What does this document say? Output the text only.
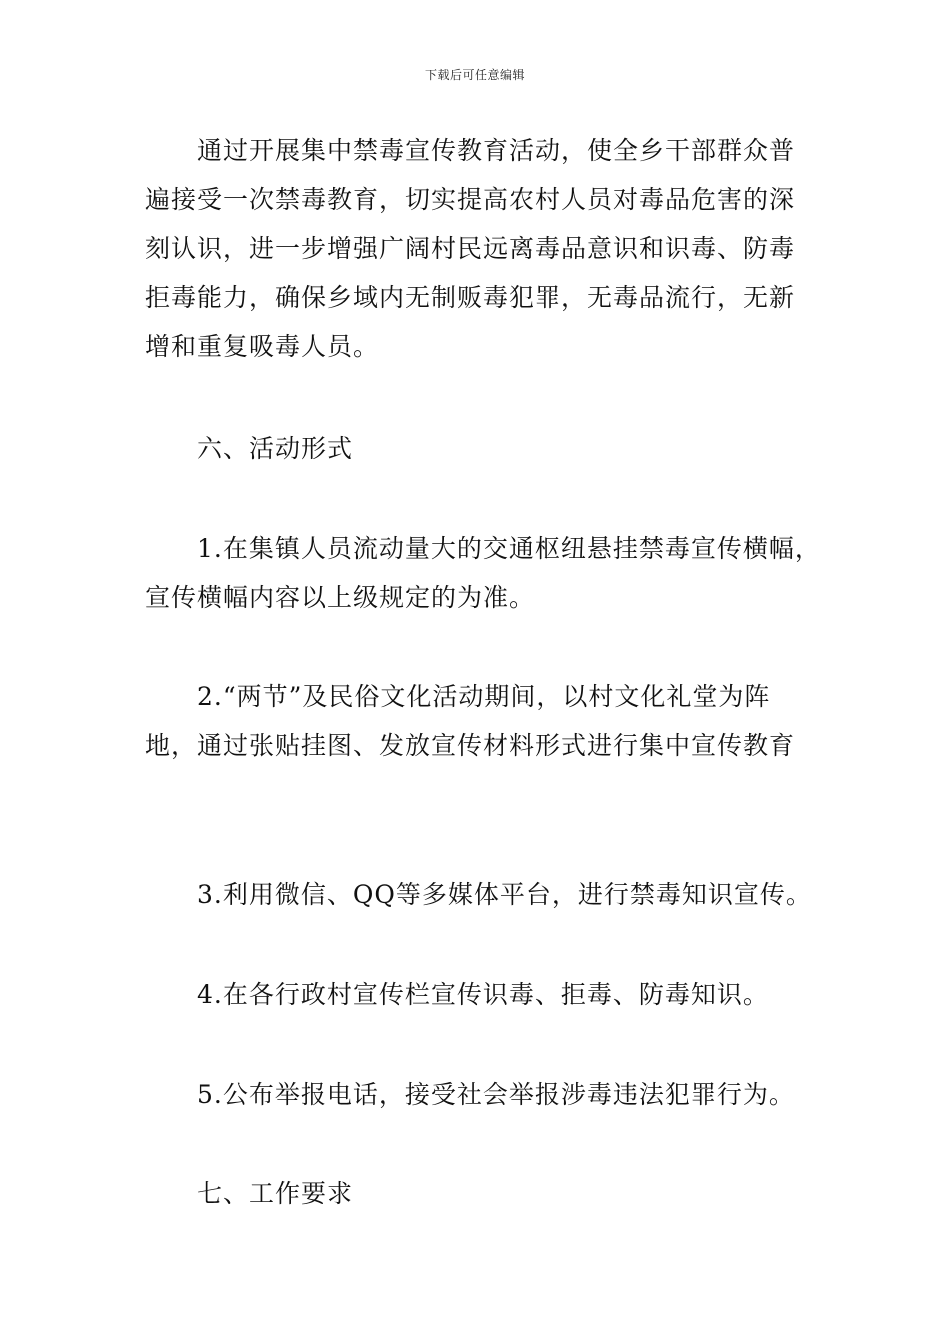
下载后可任意编辑
通过开展集中禁毒宣传教育活动，使全乡干部群众普
遍接受一次禁毒教育，切实提高农村人员对毒品危害的深
刻认识，进一步增强广阔村民远离毒品意识和识毒、防毒
拒毒能力，确保乡域内无制贩毒犯罪，无毒品流行，无新
增和重复吸毒人员。
六、活动形式
1.在集镇人员流动量大的交通枢纽悬挂禁毒宣传横幅，
宣传横幅内容以上级规定的为准。
2.“两节”及民俗文化活动期间，以村文化礼堂为阵
地，通过张贴挂图、发放宣传材料形式进行集中宣传教育
3.利用微信、QQ等多媒体平台，进行禁毒知识宣传。
4.在各行政村宣传栏宣传识毒、拒毒、防毒知识。
5.公布举报电话，接受社会举报涉毒违法犯罪行为。
七、工作要求
